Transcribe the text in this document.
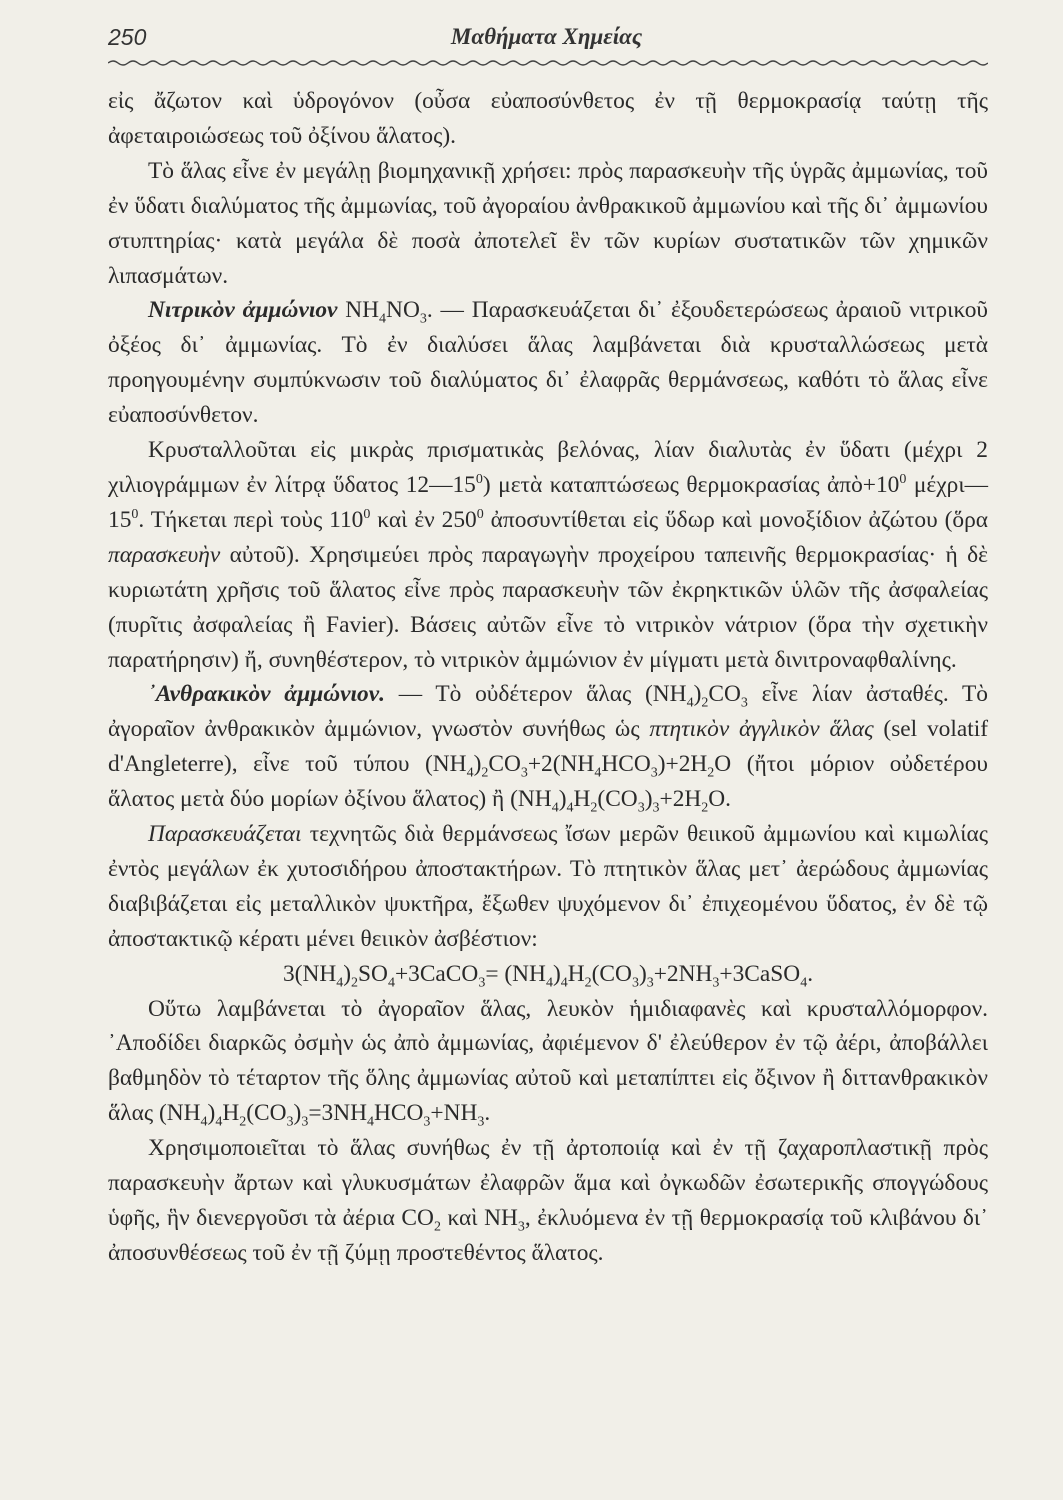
250	Μαθήματα Χημείας

εἰς ἄζωτον καὶ ὑδρογόνον (οὖσα εὐαποσύνθετος ἐν τῇ θερμοκρασίᾳ ταύτῃ τῆς ἀφεταιροιώσεως τοῦ ὀξίνου ἅλατος).

Τὸ ἅλας εἶνε ἐν μεγάλῃ βιομηχανικῇ χρήσει: πρὸς παρασκευὴν τῆς ὑγρᾶς ἀμμωνίας, τοῦ ἐν ὕδατι διαλύματος τῆς ἀμμωνίας, τοῦ ἀγοραίου ἀνθρακικοῦ ἀμμωνίου καὶ τῆς δι᾽ ἀμμωνίου στυπτηρίας· κατὰ μεγάλα δὲ ποσὰ ἀποτελεῖ ἓν τῶν κυρίων συστατικῶν τῶν χημικῶν λιπασμάτων.

Νιτρικὸν ἀμμώνιον $NH_4NO_3$. — Παρασκευάζεται δι᾽ ἐξουδετερώσεως ἀραιοῦ νιτρικοῦ ὀξέος δι᾽ ἀμμωνίας. Τὸ ἐν διαλύσει ἅλας λαμβάνεται διὰ κρυσταλλώσεως μετὰ προηγουμένην συμπύκνωσιν τοῦ διαλύματος δι᾽ ἐλαφρᾶς θερμάνσεως, καθότι τὸ ἅλας εἶνε εὐαποσύνθετον.

Κρυσταλλοῦται εἰς μικρὰς πρισματικὰς βελόνας, λίαν διαλυτὰς ἐν ὕδατι (μέχρι 2 χιλιογράμμων ἐν λίτρᾳ ὕδατος $12—15^0$) μετὰ καταπτώσεως θερμοκρασίας $ἀ\pi ὸ+10^0$ $\mu έ\chi\rho\iota—15^0$. Τήκεται περὶ τοὺς $110^0$ καὶ ἐν $250^0$ ἀποσυντίθεται εἰς ὕδωρ καὶ μονοξίδιον ἀζώτου (ὅρα παρασκευὴν αὐτοῦ). Χρησιμεύει πρὸς παραγωγὴν προχείρου ταπεινῆς θερμοκρασίας· ἡ δὲ κυριωτάτη χρῆσις τοῦ ἅλατος εἶνε πρὸς παρασκευὴν τῶν ἐκρηκτικῶν ὑλῶν τῆς ἀσφαλείας (πυρῖτις ἀσφαλείας ἢ Favier). Βάσεις αὐτῶν εἶνε τὸ νιτρικὸν νάτριον (ὅρα τὴν σχετικὴν παρατήρησιν) ἤ, συνηθέστερον, τὸ νιτρικὸν ἀμμώνιον ἐν μίγματι μετὰ δινιτροναφθαλίνης.

᾿Ανθρακικὸν ἀμμώνιον. — Τὸ οὐδέτερον ἅλας $(NH_4)_2CO_3$ εἶνε λίαν ἀσταθές. Τὸ ἀγοραῖον ἀνθρακικὸν ἀμμώνιον, γνωστὸν συνήθως ὡς πτητικὸν ἀγγλικὸν ἅλας (sel volatif d'Angleterre), εἶνε τοῦ τύπου $(NH_4)_2CO_3+2(NH_4HCO_3)+2H_2O$ (ἤτοι μόριον οὐδετέρου ἅλατος μετὰ δύο μορίων ὀξίνου ἅλατος) ἢ $(NH_4)_4H_2(CO_3)_3+2H_2O$.

Παρασκευάζεται τεχνητῶς διὰ θερμάνσεως ἴσων μερῶν θειικοῦ ἀμμωνίου καὶ κιμωλίας ἐντὸς μεγάλων ἐκ χυτοσιδήρου ἀποστακτήρων. Τὸ πτητικὸν ἅλας μετ᾽ ἀερώδους ἀμμωνίας διαβιβάζεται εἰς μεταλλικὸν ψυκτῆρα, ἔξωθεν ψυχόμενον δι᾽ ἐπιχεομένου ὕδατος, ἐν δὲ τῷ ἀποστακτικῷ κέρατι μένει θειικὸν ἀσβέστιον:

$3(NH_4)_2SO_4+3CaCO_3=$ $(NH_4)_4H_2(CO_3)_3+2NH_3+3CaSO_4$.

Οὕτω λαμβάνεται τὸ ἀγοραῖον ἅλας, λευκὸν ἡμιδιαφανὲς καὶ κρυσταλλόμορφον. ᾿Αποδίδει διαρκῶς ὀσμὴν ὡς ἀπὸ ἀμμωνίας, ἀφιέμενον δ' ἐλεύθερον ἐν τῷ ἀέρι, ἀποβάλλει βαθμηδὸν τὸ τέταρτον τῆς ὅλης ἀμμωνίας αὐτοῦ καὶ μεταπίπτει εἰς ὄξινον ἢ διττανθρακικὸν ἅλας $(NH_4)_4H_2(CO_3)_3=3NH_4HCO_3+NH_3$.

Χρησιμοποιεῖται τὸ ἅλας συνήθως ἐν τῇ ἀρτοποιίᾳ καὶ ἐν τῇ ζαχαροπλαστικῇ πρὸς παρασκευὴν ἄρτων καὶ γλυκυσμάτων ἐλαφρῶν ἅμα καὶ ὀγκωδῶν ἐσωτερικῆς σπογγώδους ὑφῆς, ἣν διενεργοῦσι τὰ ἀέρια $CO_2$ καὶ $NH_3$, ἐκλυόμενα ἐν τῇ θερμοκρασίᾳ τοῦ κλιβάνου δι᾽ ἀποσυνθέσεως τοῦ ἐν τῇ ζύμῃ προστεθέντος ἅλατος.
